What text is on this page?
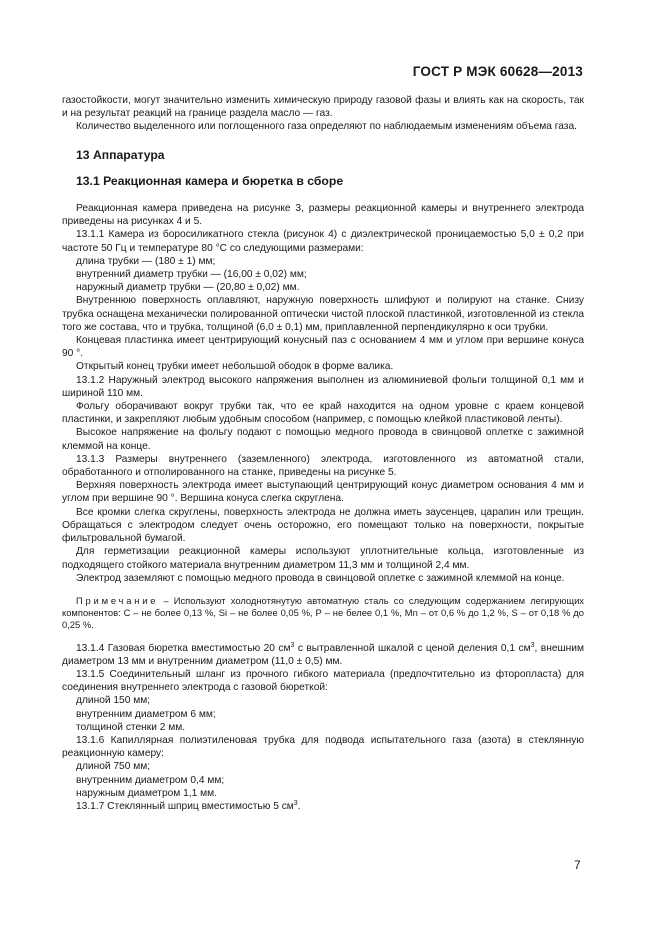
ГОСТ Р МЭК 60628—2013

газостойкости, могут значительно изменить химическую природу газовой фазы и влиять как на скорость, так и на результат реакций на границе раздела масло — газ.

Количество выделенного или поглощенного газа определяют по наблюдаемым изменениям объема газа.

13 Аппаратура

13.1 Реакционная камера и бюретка в сборе

Реакционная камера приведена на рисунке 3, размеры реакционной камеры и внутреннего электрода приведены на рисунках 4 и 5.

13.1.1 Камера из боросиликатного стекла (рисунок 4) с диэлектрической проницаемостью 5,0 ± 0,2 при частоте 50 Гц и температуре 80 °С со следующими размерами:

длина трубки — (180 ± 1) мм;

внутренний диаметр трубки — (16,00 ± 0,02) мм;

наружный диаметр трубки — (20,80 ± 0,02) мм.

Внутреннюю поверхность оплавляют, наружную поверхность шлифуют и полируют на станке. Снизу трубка оснащена механически полированной оптически чистой плоской пластинкой, изготовленной из стекла того же состава, что и трубка, толщиной (6,0 ± 0,1) мм, приплавленной перпендикулярно к оси трубки.

Концевая пластинка имеет центрирующий конусный паз с основанием 4 мм и углом при вершине конуса 90 °.

Открытый конец трубки имеет небольшой ободок в форме валика.

13.1.2 Наружный электрод высокого напряжения выполнен из алюминиевой фольги толщиной 0,1 мм и шириной 110 мм.

Фольгу оборачивают вокруг трубки так, что ее край находится на одном уровне с краем концевой пластинки, и закрепляют любым удобным способом (например, с помощью клейкой пластиковой ленты).

Высокое напряжение на фольгу подают с помощью медного провода в свинцовой оплетке с зажимной клеммой на конце.

13.1.3 Размеры внутреннего (заземленного) электрода, изготовленного из автоматной стали, обработанного и отполированного на станке, приведены на рисунке 5.

Верхняя поверхность электрода имеет выступающий центрирующий конус диаметром основания 4 мм и углом при вершине 90 °. Вершина конуса слегка скруглена.

Все кромки слегка скруглены, поверхность электрода не должна иметь заусенцев, царапин или трещин. Обращаться с электродом следует очень осторожно, его помещают только на поверхности, покрытые фильтровальной бумагой.

Для герметизации реакционной камеры используют уплотнительные кольца, изготовленные из подходящего стойкого материала внутренним диаметром 11,3 мм и толщиной 2,4 мм.

Электрод заземляют с помощью медного провода в свинцовой оплетке с зажимной клеммой на конце.

Примечание – Используют холоднотянутую автоматную сталь со следующим содержанием легирующих компонентов: С – не более 0,13 %, Si – не более 0,05 %, Р – не белее 0,1 %, Mn – от 0,6 % до 1,2 %, S – от 0,18 % до 0,25 %.

13.1.4 Газовая бюретка вместимостью 20 $см^3$ с вытравленной шкалой с ценой деления 0,1 $см^3$, внешним диаметром 13 мм и внутренним диаметром (11,0 ± 0,5) мм.

13.1.5 Соединительный шланг из прочного гибкого материала (предпочтительно из фторопласта) для соединения внутреннего электрода с газовой бюреткой:

длиной 150 мм;

внутренним диаметром 6 мм;

толщиной стенки 2 мм.

13.1.6 Капиллярная полиэтиленовая трубка для подвода испытательного газа (азота) в стеклянную реакционную камеру:

длиной 750 мм;

внутренним диаметром 0,4 мм;

наружным диаметром 1,1 мм.

13.1.7 Стеклянный шприц вместимостью 5 $см^3$.

7
